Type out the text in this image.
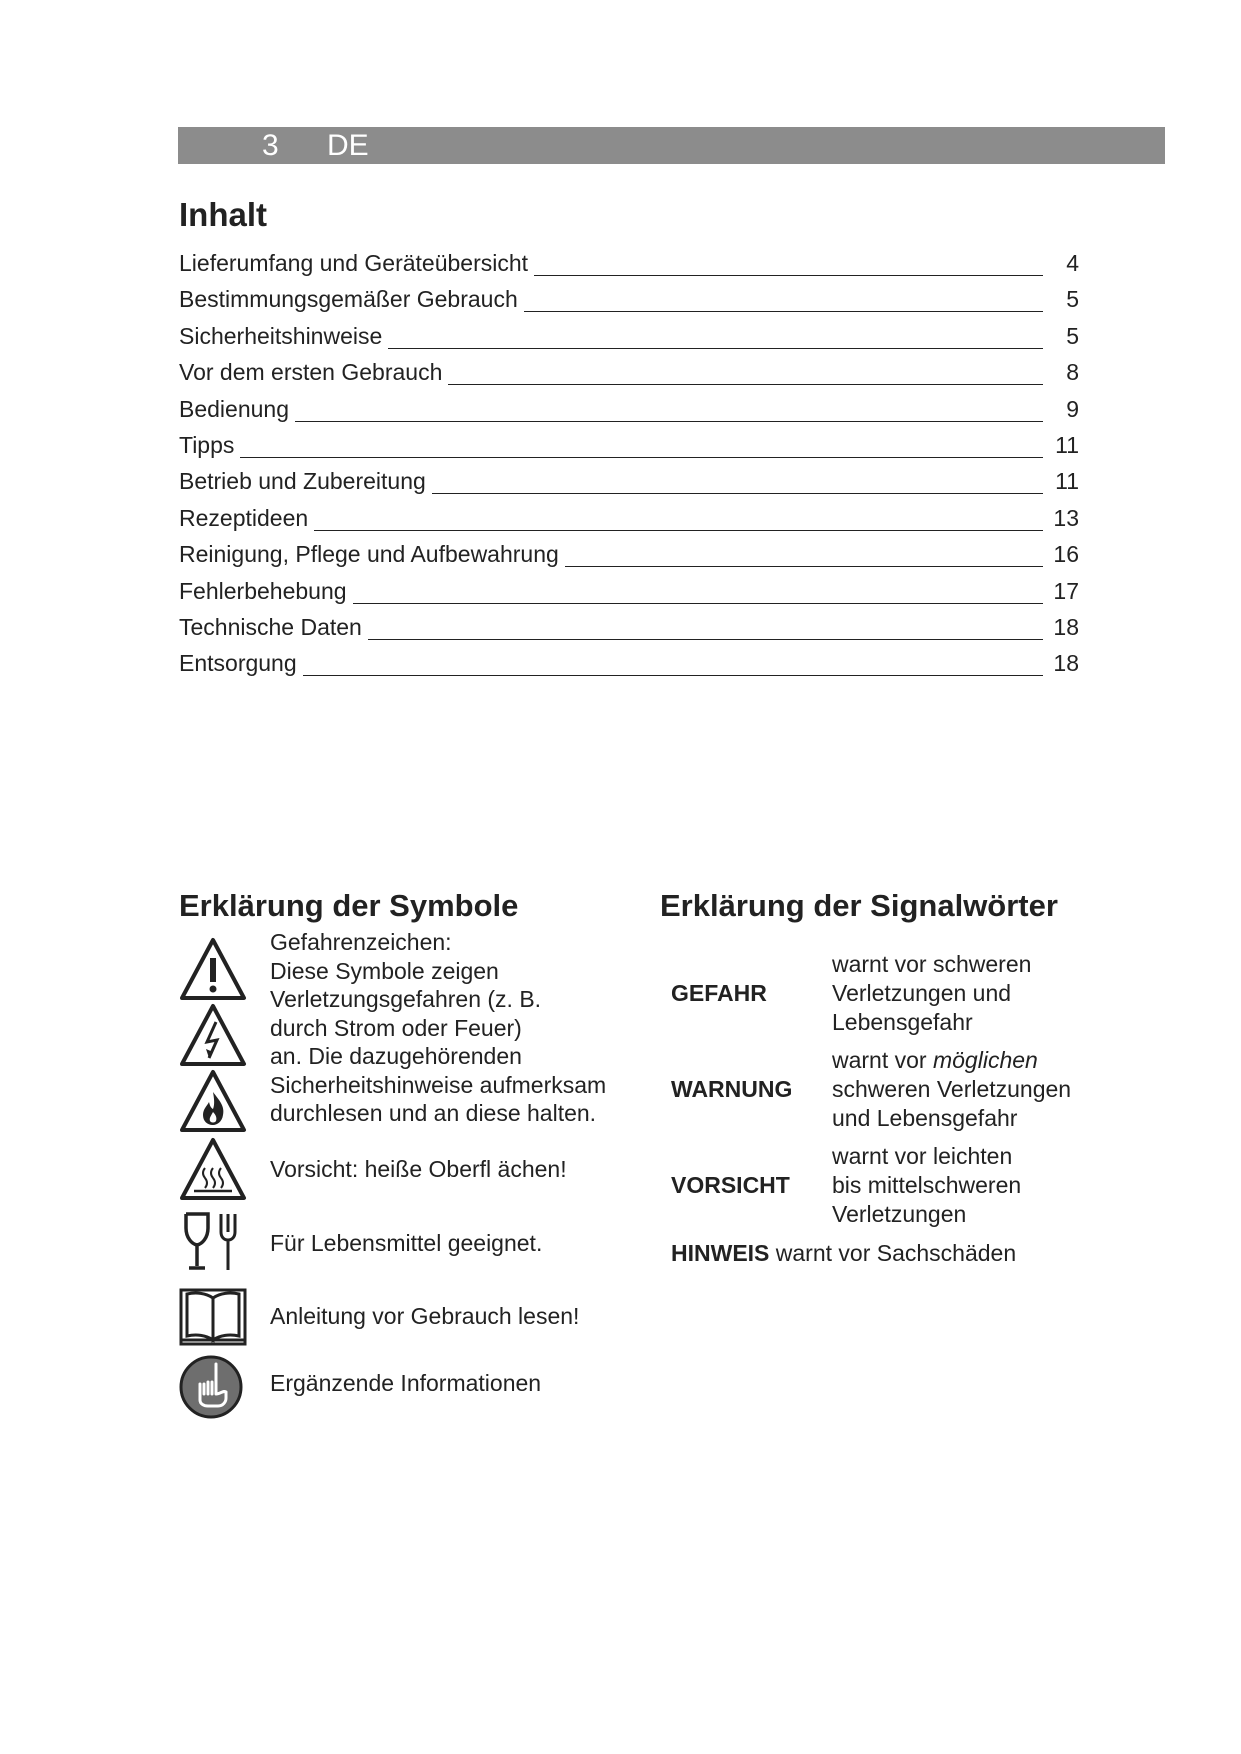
3 DE
Inhalt
Lieferumfang und Geräteübersicht	4
Bestimmungsgemäßer Gebrauch	5
Sicherheitshinweise	5
Vor dem ersten Gebrauch	8
Bedienung	9
Tipps	11
Betrieb und Zubereitung	11
Rezeptideen	13
Reinigung, Pflege und Aufbewahrung	16
Fehlerbehebung	17
Technische Daten	18
Entsorgung	18
Erklärung der Symbole
Gefahrenzeichen:
Diese Symbole zeigen
Verletzungsgefahren (z. B.
durch Strom oder Feuer)
an. Die dazugehörenden
Sicherheitshinweise aufmerksam
durchlesen und an diese halten.
Vorsicht: heiße Oberfl ächen!
Für Lebensmittel geeignet.
Anleitung vor Gebrauch lesen!
Ergänzende Informationen
Erklärung der Signalwörter
GEFAHR
warnt vor schweren
Verletzungen und
Lebensgefahr
WARNUNG
warnt vor möglichen
schweren Verletzungen
und Lebensgefahr
VORSICHT
warnt vor leichten
bis mittelschweren
Verletzungen
HINWEIS warnt vor Sachschäden
